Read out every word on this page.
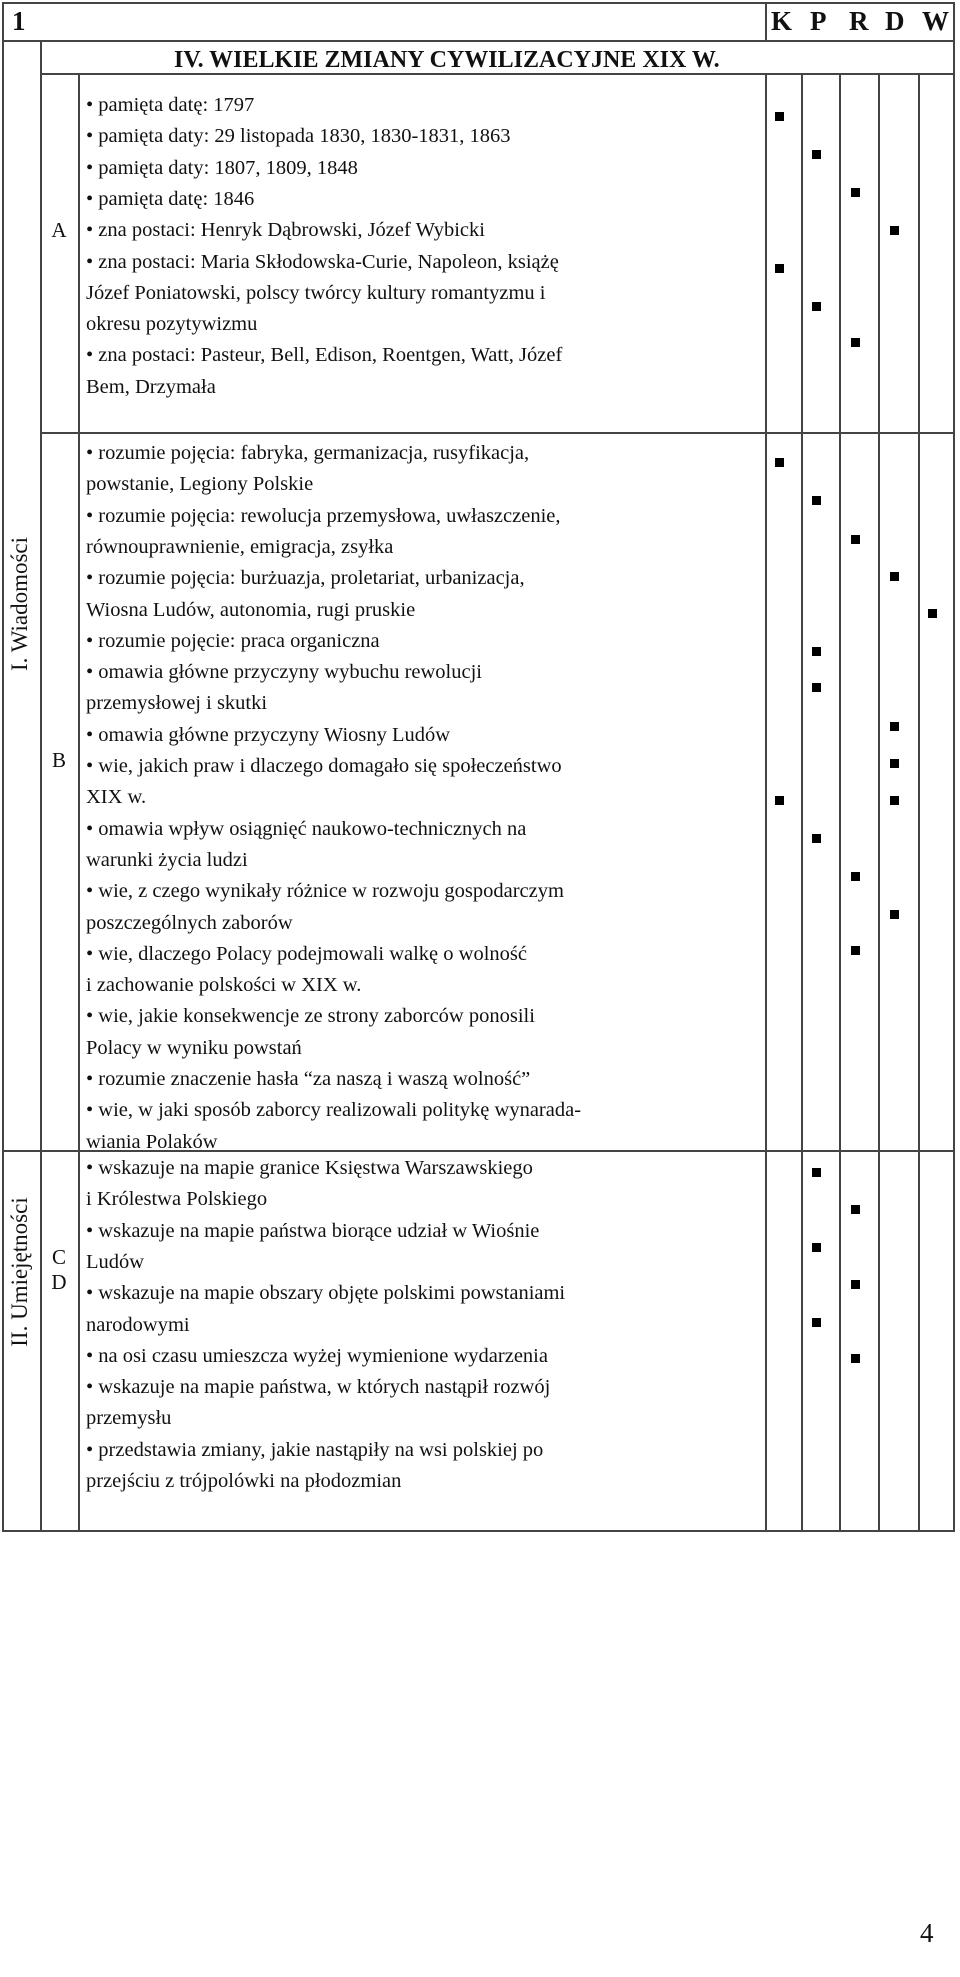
1	K P R D W
IV. WIELKIE ZMIANY CYWILIZACYJNE XIX W.
I. Wiadomości
II. Umiejętności
A
B
C
D
• pamięta datę: 1797
• pamięta daty: 29 listopada 1830, 1830-1831, 1863
• pamięta daty: 1807, 1809, 1848
• pamięta datę: 1846
• zna postaci: Henryk Dąbrowski, Józef Wybicki
• zna postaci: Maria Skłodowska-Curie, Napoleon, książę
Józef Poniatowski, polscy twórcy kultury romantyzmu i
okresu pozytywizmu
• zna postaci: Pasteur, Bell, Edison, Roentgen, Watt, Józef
Bem, Drzymała
• rozumie pojęcia: fabryka, germanizacja, rusyfikacja,
powstanie, Legiony Polskie
• rozumie pojęcia: rewolucja przemysłowa, uwłaszczenie,
równouprawnienie, emigracja, zsyłka
• rozumie pojęcia: burżuazja, proletariat, urbanizacja,
Wiosna Ludów, autonomia, rugi pruskie
• rozumie pojęcie: praca organiczna
• omawia główne przyczyny wybuchu rewolucji
przemysłowej i skutki
• omawia główne przyczyny Wiosny Ludów
• wie, jakich praw i dlaczego domagało się społeczeństwo
XIX w.
• omawia wpływ osiągnięć naukowo-technicznych na
warunki życia ludzi
• wie, z czego wynikały różnice w rozwoju gospodarczym
poszczególnych zaborów
• wie, dlaczego Polacy podejmowali walkę o wolność
i zachowanie polskości w XIX w.
• wie, jakie konsekwencje ze strony zaborców ponosili
Polacy w wyniku powstań
• rozumie znaczenie hasła “za naszą i waszą wolność”
• wie, w jaki sposób zaborcy realizowali politykę wynarada-
wiania Polaków
• wskazuje na mapie granice Księstwa Warszawskiego
i Królestwa Polskiego
• wskazuje na mapie państwa biorące udział w Wiośnie
Ludów
• wskazuje na mapie obszary objęte polskimi powstaniami
narodowymi
• na osi czasu umieszcza wyżej wymienione wydarzenia
• wskazuje na mapie państwa, w których nastąpił rozwój
przemysłu
• przedstawia zmiany, jakie nastąpiły na wsi polskiej po
przejściu z trójpolówki na płodozmian
4
